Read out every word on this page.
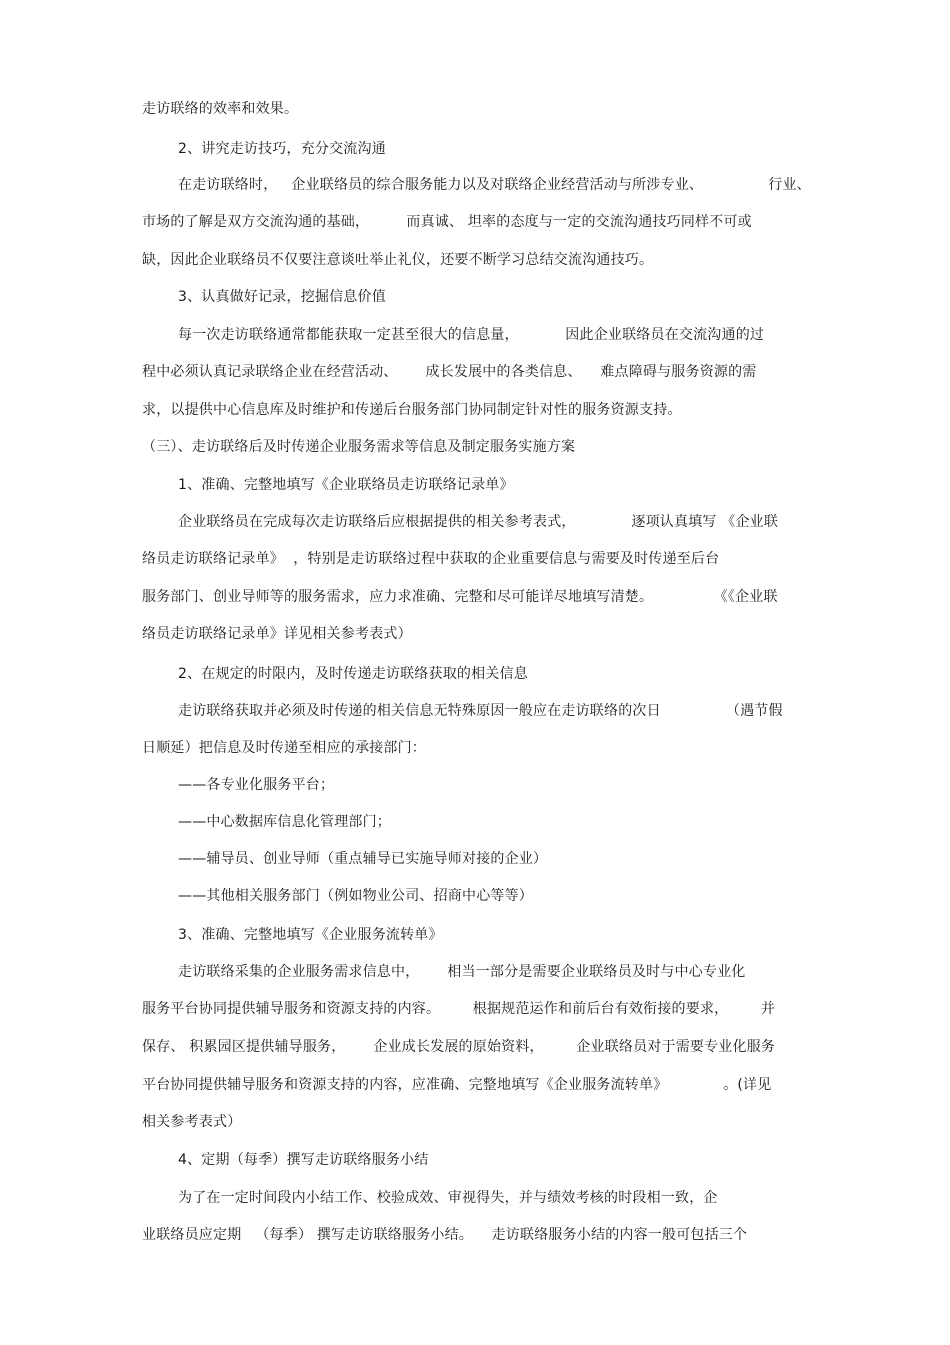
走访联络的效率和效果。
2、讲究走访技巧，充分交流沟通
在走访联络时，   企业联络员的综合服务能力以及对联络企业经营活动与所涉专业、              行业、
市场的了解是双方交流沟通的基础，        而真诚、 坦率的态度与一定的交流沟通技巧同样不可或
缺，因此企业联络员不仅要注意谈吐举止礼仪，还要不断学习总结交流沟通技巧。
3、认真做好记录，挖掘信息价值
每一次走访联络通常都能获取一定甚至很大的信息量，          因此企业联络员在交流沟通的过
程中必须认真记录联络企业在经营活动、      成长发展中的各类信息、    难点障碍与服务资源的需
求，以提供中心信息库及时维护和传递后台服务部门协同制定针对性的服务资源支持。
（三）、走访联络后及时传递企业服务需求等信息及制定服务实施方案
1、准确、完整地填写《企业联络员走访联络记录单》
企业联络员在完成每次走访联络后应根据提供的相关参考表式，            逐项认真填写 《企业联
络员走访联络记录单》  ，特别是走访联络过程中获取的企业重要信息与需要及时传递至后台
服务部门、创业导师等的服务需求，应力求准确、完整和尽可能详尽地填写清楚。             《《企业联
络员走访联络记录单》详见相关参考表式）
2、在规定的时限内，及时传递走访联络获取的相关信息
走访联络获取并必须及时传递的相关信息无特殊原因一般应在走访联络的次日              （遇节假
日顺延）把信息及时传递至相应的承接部门：
——各专业化服务平台；
——中心数据库信息化管理部门；
——辅导员、创业导师（重点辅导已实施导师对接的企业）
——其他相关服务部门（例如物业公司、招商中心等等）
3、准确、完整地填写《企业服务流转单》
走访联络采集的企业服务需求信息中，      相当一部分是需要企业联络员及时与中心专业化
服务平台协同提供辅导服务和资源支持的内容。       根据规范运作和前后台有效衔接的要求，       并
保存、 积累园区提供辅导服务，      企业成长发展的原始资料，       企业联络员对于需要专业化服务
平台协同提供辅导服务和资源支持的内容，应准确、完整地填写《企业服务流转单》            。(详见
相关参考表式）
4、定期（每季）撰写走访联络服务小结
为了在一定时间段内小结工作、校验成效、审视得失，并与绩效考核的时段相一致，企
业联络员应定期   （每季） 撰写走访联络服务小结。    走访联络服务小结的内容一般可包括三个
